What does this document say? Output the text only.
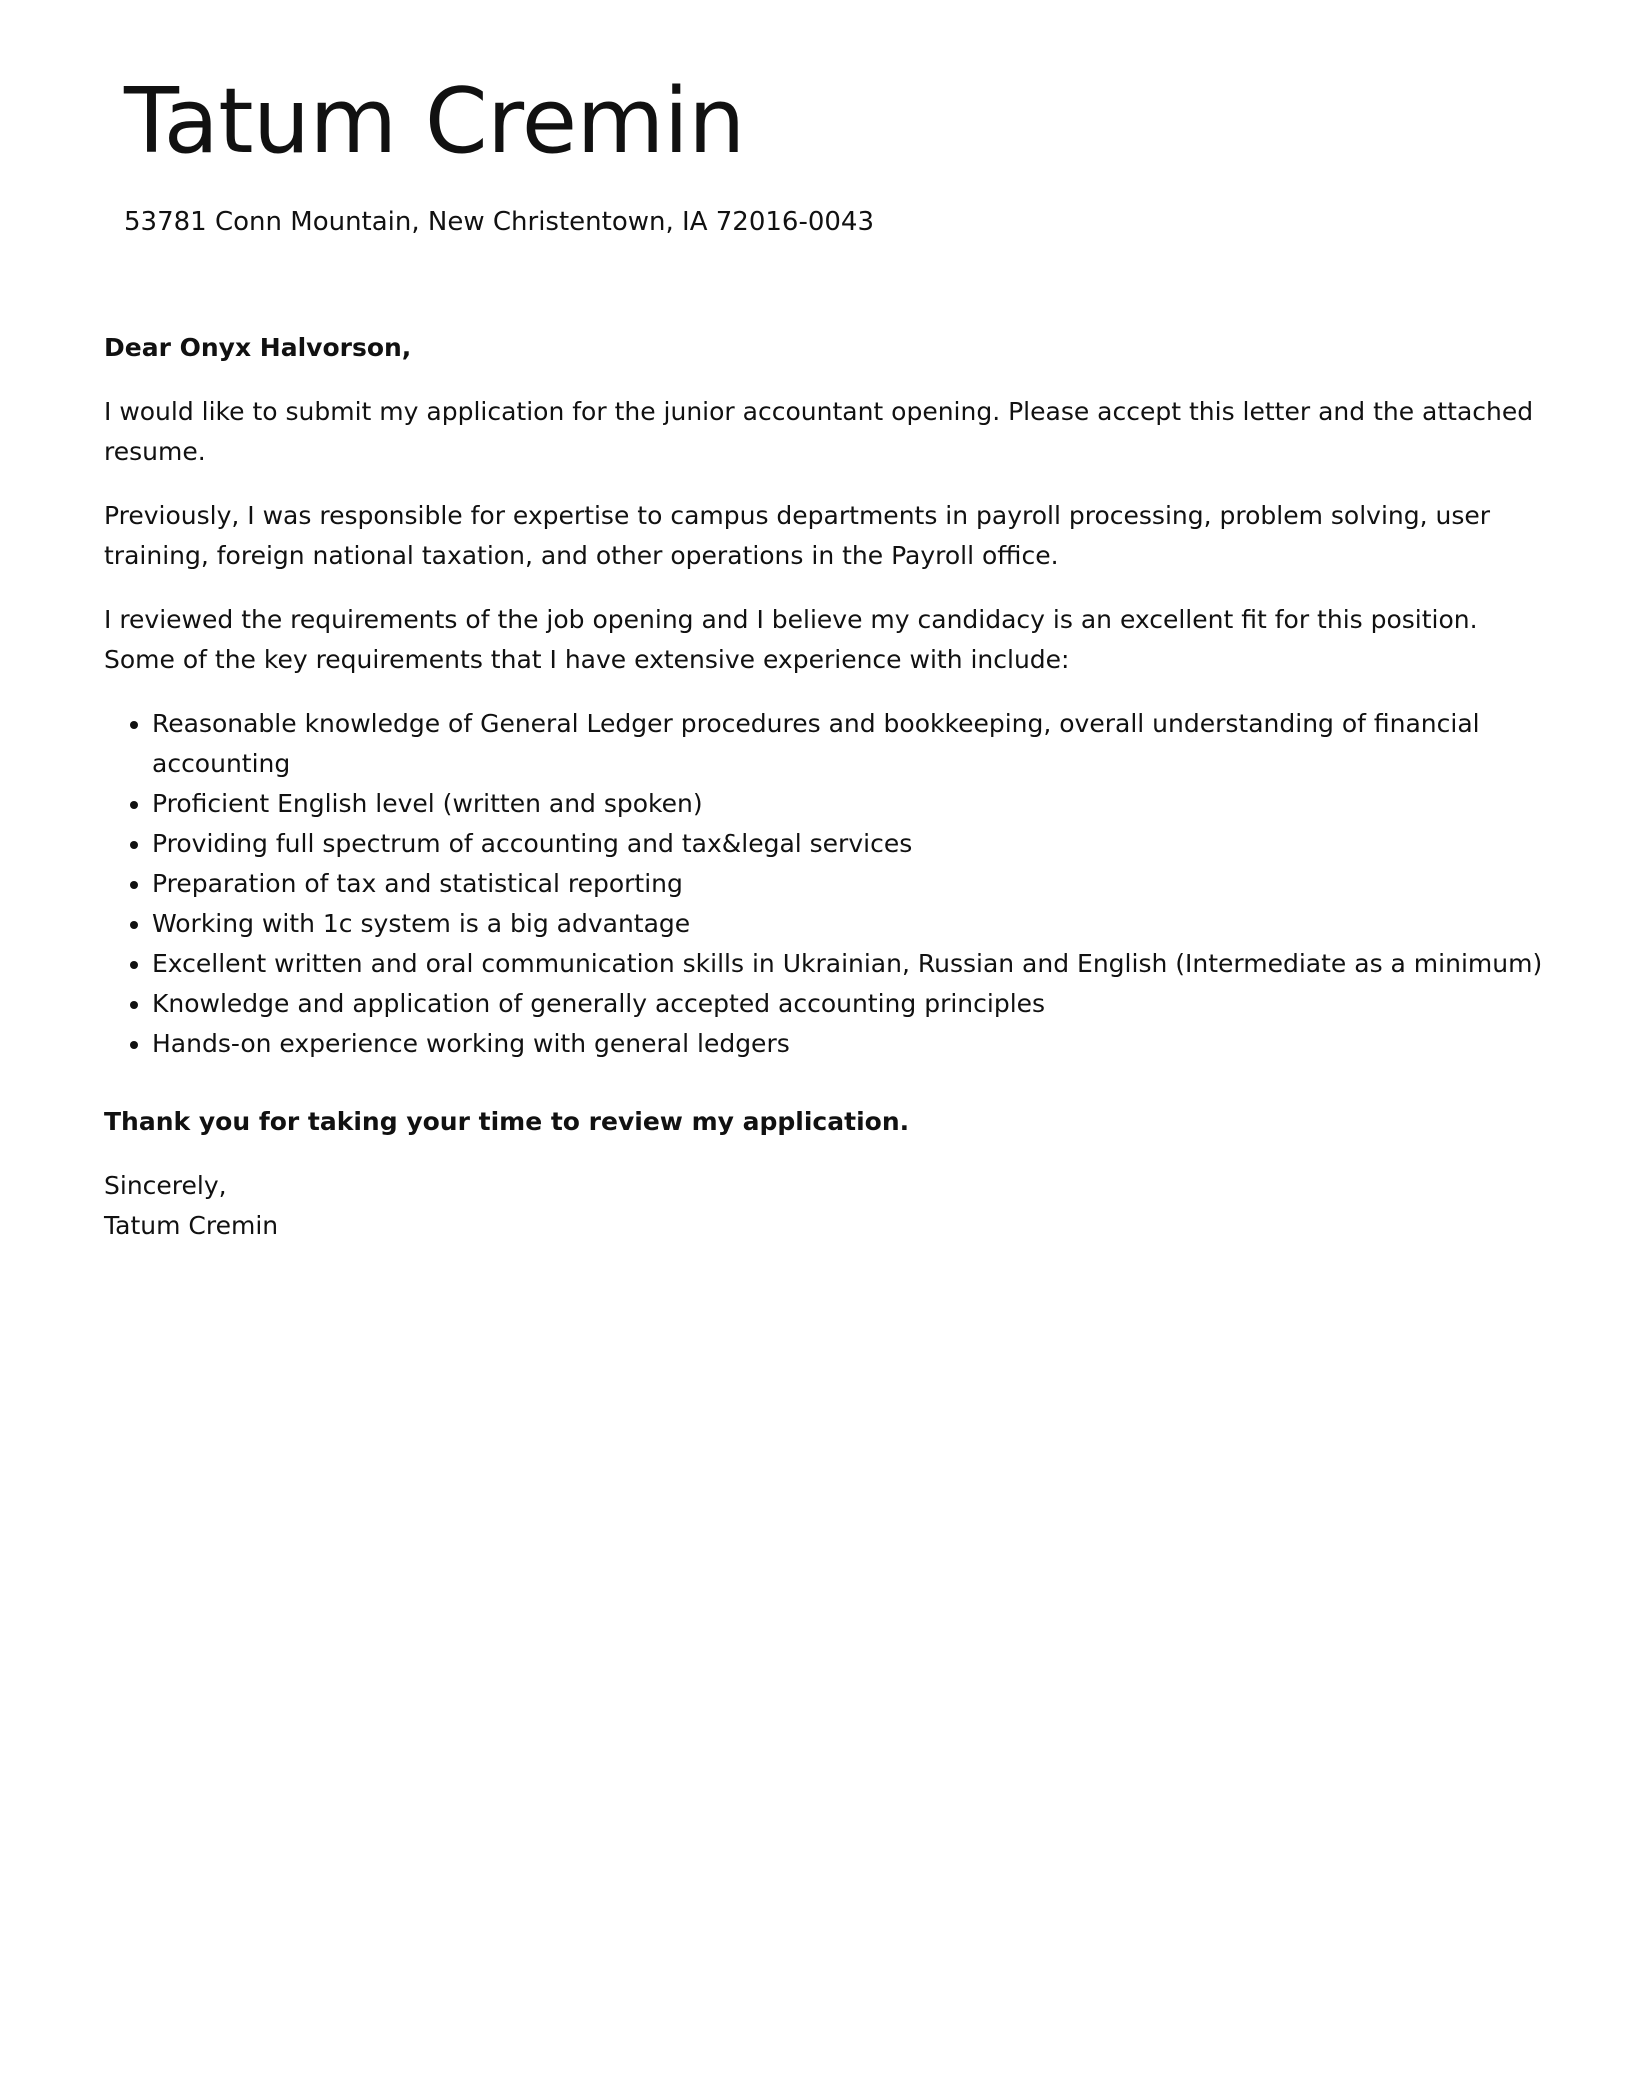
Tatum Cremin

53781 Conn Mountain, New Christentown, IA 72016-0043

Dear Onyx Halvorson,

I would like to submit my application for the junior accountant opening. Please accept this letter and the attached resume.

Previously, I was responsible for expertise to campus departments in payroll processing, problem solving, user training, foreign national taxation, and other operations in the Payroll office.

I reviewed the requirements of the job opening and I believe my candidacy is an excellent fit for this position. Some of the key requirements that I have extensive experience with include:

• Reasonable knowledge of General Ledger procedures and bookkeeping, overall understanding of financial accounting
• Proficient English level (written and spoken)
• Providing full spectrum of accounting and tax&legal services
• Preparation of tax and statistical reporting
• Working with 1c system is a big advantage
• Excellent written and oral communication skills in Ukrainian, Russian and English (Intermediate as a minimum)
• Knowledge and application of generally accepted accounting principles
• Hands-on experience working with general ledgers

Thank you for taking your time to review my application.

Sincerely,
Tatum Cremin
